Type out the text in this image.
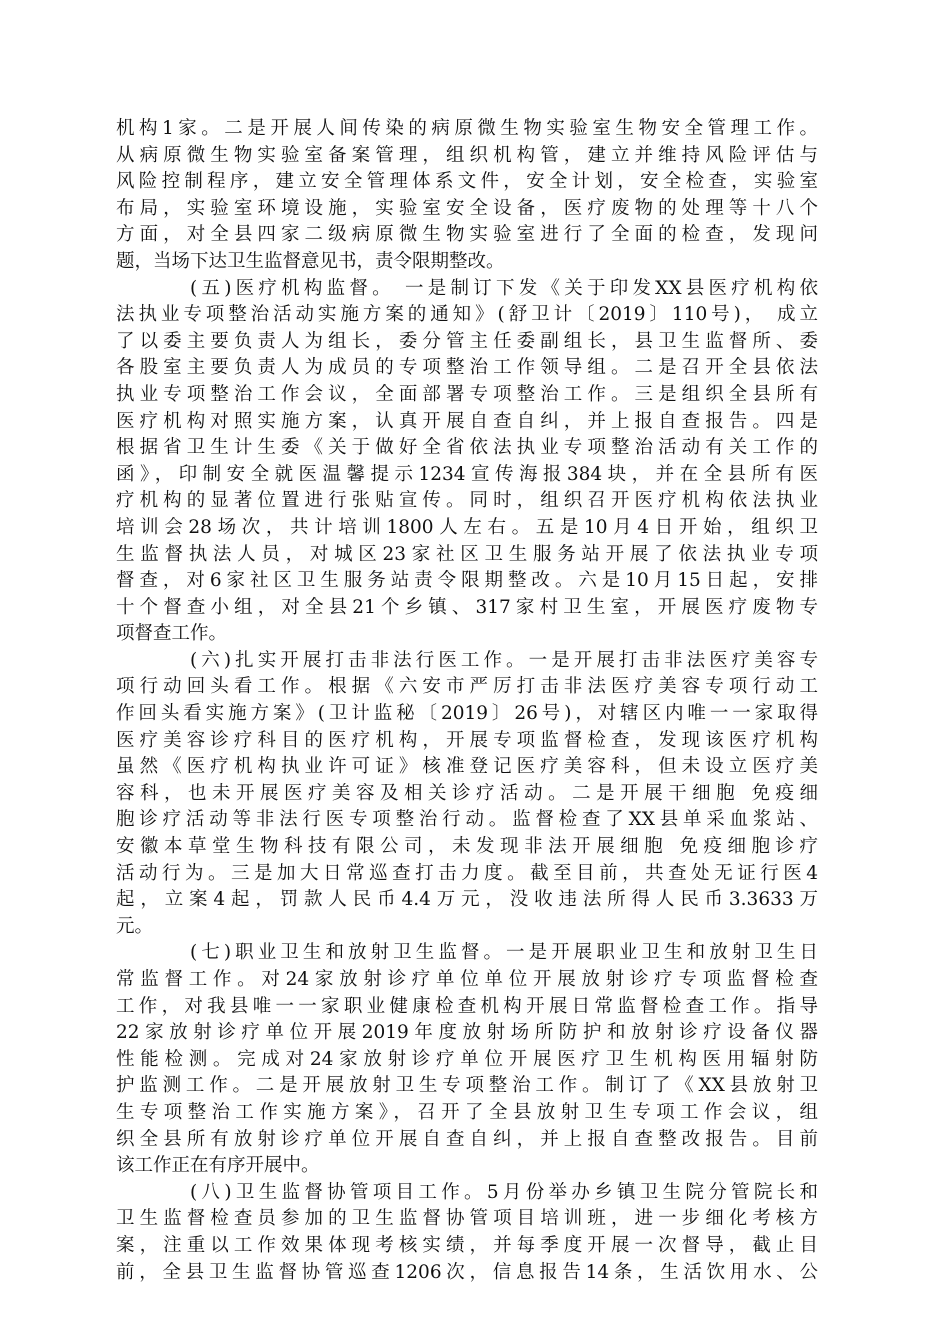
机构1家。二是开展人间传染的病原微生物实验室生物安全管理工作。
从病原微生物实验室备案管理，组织机构管，建立并维持风险评估与
风险控制程序，建立安全管理体系文件，安全计划，安全检查，实验室
布局，实验室环境设施，实验室安全设备，医疗废物的处理等十八个
方面，对全县四家二级病原微生物实验室进行了全面的检查，发现问
题，当场下达卫生监督意见书，责令限期整改。
(五)医疗机构监督。 一是制订下发《关于印发XX县医疗机构依
法执业专项整治活动实施方案的通知》(舒卫计〔2019〕110号)， 成立
了以委主要负责人为组长，委分管主任委副组长，县卫生监督所、委
各股室主要负责人为成员的专项整治工作领导组。二是召开全县依法
执业专项整治工作会议，全面部署专项整治工作。三是组织全县所有
医疗机构对照实施方案，认真开展自查自纠，并上报自查报告。四是
根据省卫生计生委《关于做好全省依法执业专项整治活动有关工作的
函》，印制安全就医温馨提示1234宣传海报384块，并在全县所有医
疗机构的显著位置进行张贴宣传。同时，组织召开医疗机构依法执业
培训会28场次，共计培训1800人左右。五是10月4日开始，组织卫
生监督执法人员，对城区23家社区卫生服务站开展了依法执业专项
督查，对6家社区卫生服务站责令限期整改。六是10月15日起，安排
十个督查小组，对全县21个乡镇、317家村卫生室，开展医疗废物专
项督查工作。
(六)扎实开展打击非法行医工作。一是开展打击非法医疗美容专
项行动回头看工作。根据《六安市严厉打击非法医疗美容专项行动工
作回头看实施方案》(卫计监秘〔2019〕26号)，对辖区内唯一一家取得
医疗美容诊疗科目的医疗机构，开展专项监督检查，发现该医疗机构
虽然《医疗机构执业许可证》核准登记医疗美容科，但未设立医疗美
容科，也未开展医疗美容及相关诊疗活动。二是开展干细胞 免疫细
胞诊疗活动等非法行医专项整治行动。监督检查了XX县单采血浆站、
安徽本草堂生物科技有限公司，未发现非法开展细胞 免疫细胞诊疗
活动行为。三是加大日常巡查打击力度。截至目前，共查处无证行医4
起，立案4起，罚款人民币4.4万元，没收违法所得人民币3.3633万
元。
(七)职业卫生和放射卫生监督。一是开展职业卫生和放射卫生日
常监督工作。对24家放射诊疗单位单位开展放射诊疗专项监督检查
工作，对我县唯一一家职业健康检查机构开展日常监督检查工作。指导
22家放射诊疗单位开展2019年度放射场所防护和放射诊疗设备仪器
性能检测。完成对24家放射诊疗单位开展医疗卫生机构医用辐射防
护监测工作。二是开展放射卫生专项整治工作。制订了《XX县放射卫
生专项整治工作实施方案》，召开了全县放射卫生专项工作会议，组
织全县所有放射诊疗单位开展自查自纠，并上报自查整改报告。目前
该工作正在有序开展中。
(八)卫生监督协管项目工作。5月份举办乡镇卫生院分管院长和
卫生监督检查员参加的卫生监督协管项目培训班，进一步细化考核方
案，注重以工作效果体现考核实绩，并每季度开展一次督导，截止目
前，全县卫生监督协管巡查1206次，信息报告14条，生活饮用水、公
